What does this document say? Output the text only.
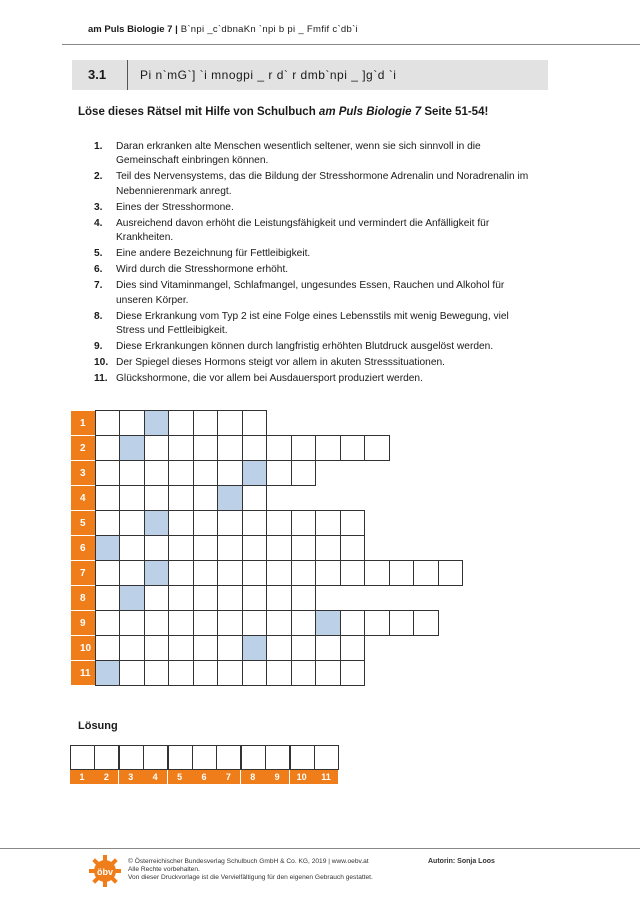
am Puls Biologie 7 | B`npi _c`dbnaKn `npi b pi _ Fmfif c`db`i
3.1	Pi n`mG`] `i mnogpi _ r d` r dmb`npi _ ]g`d `i
Löse dieses Rätsel mit Hilfe von Schulbuch am Puls Biologie 7 Seite 51-54!
1. Daran erkranken alte Menschen wesentlich seltener, wenn sie sich sinnvoll in die Gemeinschaft einbringen können.
2. Teil des Nervensystems, das die Bildung der Stresshormone Adrenalin und Noradrenalin im Nebennierenmark anregt.
3. Eines der Stresshormone.
4. Ausreichend davon erhöht die Leistungsfähigkeit und vermindert die Anfälligkeit für Krankheiten.
5. Eine andere Bezeichnung für Fettleibigkeit.
6. Wird durch die Stresshormone erhöht.
7. Dies sind Vitaminmangel, Schlafmangel, ungesundes Essen, Rauchen und Alkohol für unseren Körper.
8. Diese Erkrankung vom Typ 2 ist eine Folge eines Lebensstils mit wenig Bewegung, viel Stress und Fettleibigkeit.
9. Diese Erkrankungen können durch langfristig erhöhten Blutdruck ausgelöst werden.
10. Der Spiegel dieses Hormons steigt vor allem in akuten Stresssituationen.
11. Glückshormone, die vor allem bei Ausdauersport produziert werden.
1
2
3
4
5
6
7
8
9
10
11
Lösung
1	2	3	4	5	6	7	8	9	10	11
öbv
© Österreichischer Bundesverlag Schulbuch GmbH & Co. KG, 2019 | www.oebv.at
Alle Rechte vorbehalten.
Von dieser Druckvorlage ist die Vervielfältigung für den eigenen Gebrauch gestattet.
Autorin: Sonja Loos
